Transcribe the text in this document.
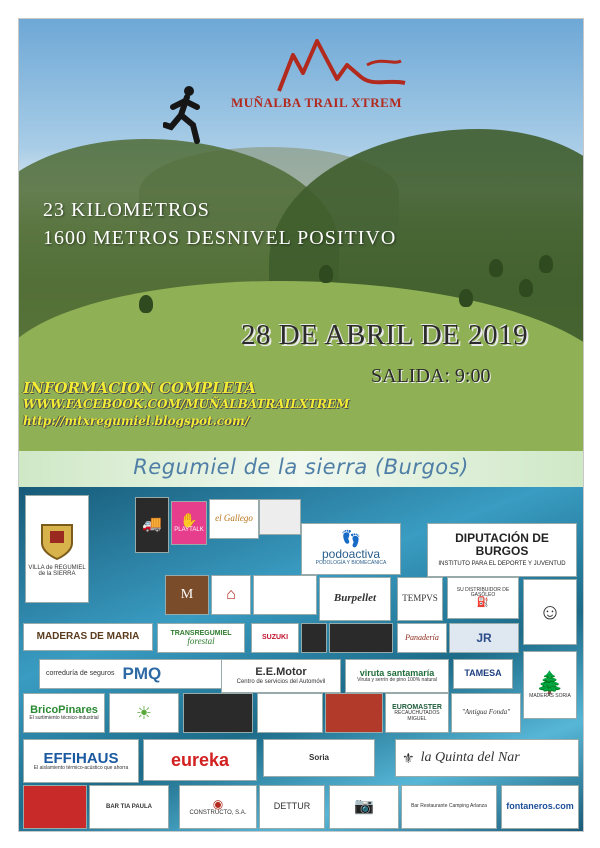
MUÑALBA TRAIL XTREM
23 KILOMETROS
1600 METROS DESNIVEL POSITIVO
28 DE ABRIL DE 2019
SALIDA: 9:00
INFORMACION COMPLETA
WWW.FACEBOOK.COM/MUÑALBATRAILXTREM
http://mtxregumiel.blogspot.com/
Regumiel de la sierra (Burgos)
VILLA de REGUMIEL de la SIERRA
🚚 ✋
PLAYTALK
el Gallego
👣
podoactiva
PODOLOGÍA Y BIOMECÁNICA
DIPUTACIÓN DE BURGOS
INSTITUTO PARA EL DEPORTE Y JUVENTUD
M ⌂	Burpellet	TEMPVS
SU DISTRIBUIDOR DE GASÓLEO
⛽ ☺
MADERAS DE MARIA	TRANSREGUMIEL
forestal	SUZUKI	Panadería	JR
correduría de seguros PMQ	E.E.Motor
Centro de servicios del Automóvil
viruta santamaría
Viruta y serrín de pino 100% natural
TAMESA 🌲
MADERAS SORIA
BricoPinares
El surtimiento técnico-industrial ☀	EUROMASTER
RECAUCHUTADOS MIGUEL
"Antigua Fonda"
EFFIHAUS
El aislamiento térmico-acústico que ahorra eureka	Soria	⚜ la Quinta del Nar
BAR TIA PAULA	◉
CONSTRUCTO, S.A.
DETTUR	📷	Bar Restaurante Camping Arlanza fontaneros.com
